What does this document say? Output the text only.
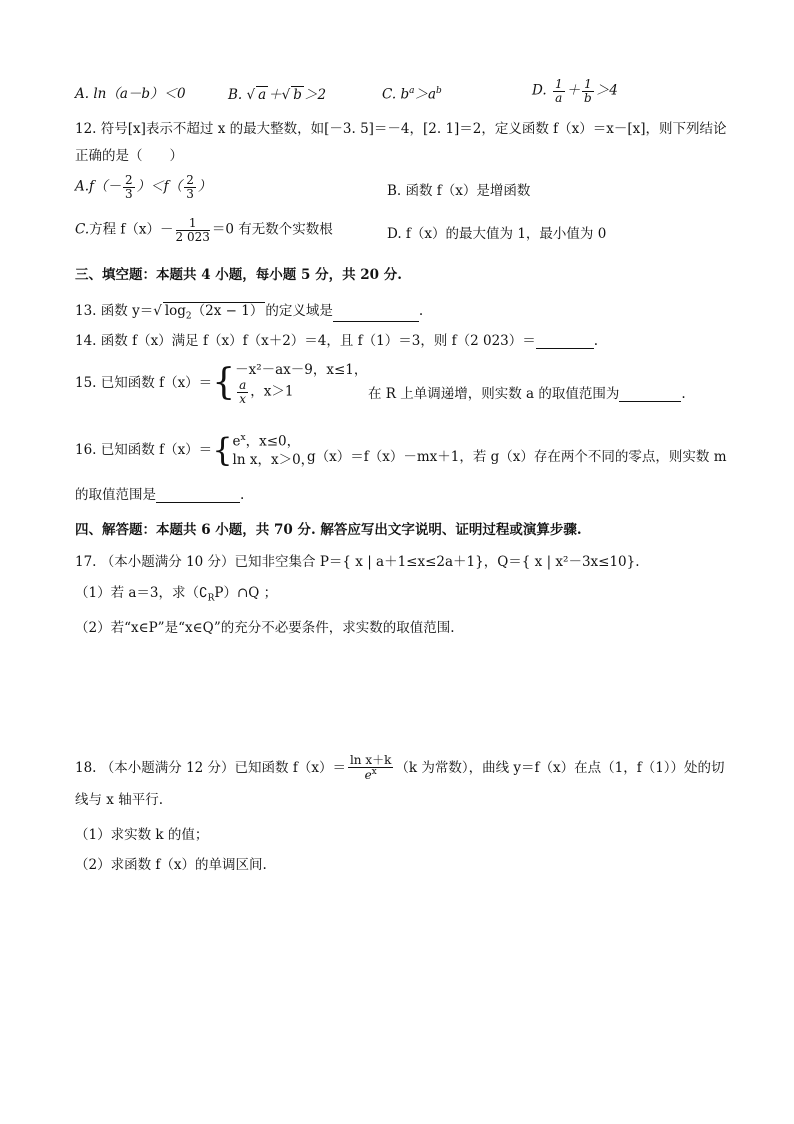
A. ln（a－b）＜0	B. √ a ＋√ b ＞2	C. $b^a>a^b$	D. $\frac{1}{a} + \frac{1}{b} >4$
12. 符号[x]表示不超过 x 的最大整数，如[－3. 5]＝－4，[2. 1]＝2，定义函数 f（x）＝x－[x]，则下列结论
正确的是（　　）
$A.f(- \frac{2}{3} )<f( \frac{2}{3}$ ）	B. 函数 f（x）是增函数
C.方程 $f(x)- \frac{1}{2 023} =0$ 有无数个实数根	D. f（x）的最大值为 1，最小值为 0
三、填空题：本题共 4 小题，每小题 5 分，共 20 分.
13. 函数 y＝√ $\log_2(2x - 1)$ 的定义域是	.
14. 函数 f（x）满足 f（x）f（x＋2）＝4，且 f（1）＝3，则 f（2 023）＝	.
15. 已知函数 f（x）＝{ －x²－ax－9，x≤1，
$\frac{a}{x}$ ，x＞1	在 R 上单调递增，则实数 a 的取值范围为	.
16. 已知函数 f（x）＝{ $e^x$，x≤0，
ln x，x＞0，
g（x）＝f（x）－mx＋1，若 g（x）存在两个不同的零点，则实数 m
的取值范围是	.
四、解答题：本题共 6 小题，共 70 分. 解答应写出文字说明、证明过程或演算步骤.
17. （本小题满分 10 分）已知非空集合 P＝{ x | a＋1≤x≤2a＋1}，Q＝{ x | x²－3x≤10}.
（1）若 a＝3，求$(∁_RP)\cap Q$ ；
（2）若“x∈P”是“x∈Q”的充分不必要条件，求实数的取值范围.
18. （本小题满分 12 分）已知函数 $f(x)= \frac{\text{ln x＋k}}{e^x} (k$ 为常数），曲线 y＝f（x）在点（1，f（1））处的切
线与 x 轴平行.
（1）求实数 k 的值；
（2）求函数 f（x）的单调区间.
